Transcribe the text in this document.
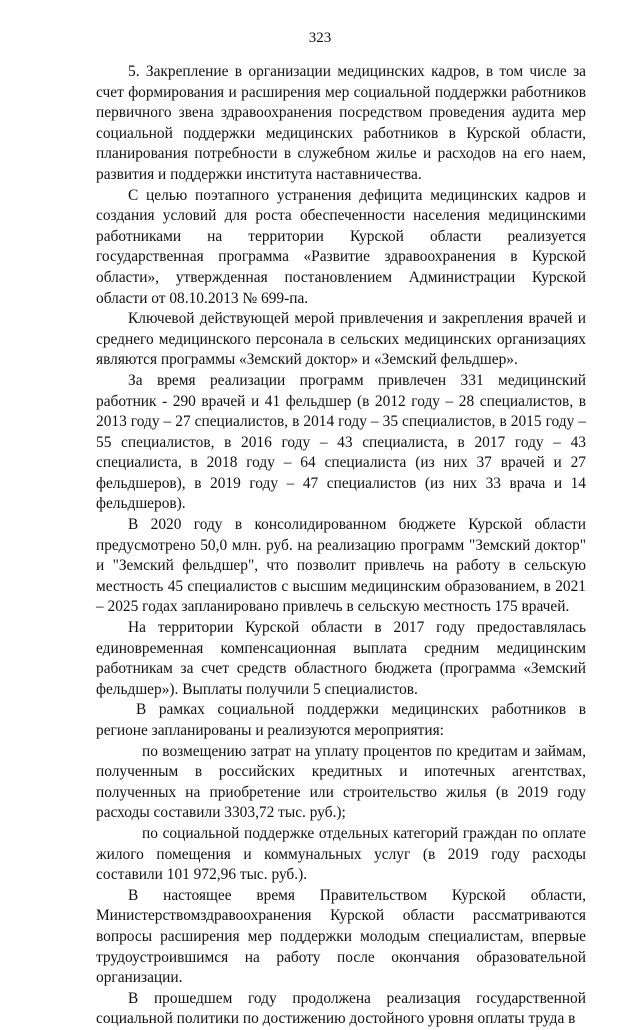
323

5. Закрепление в организации медицинских кадров, в том числе за счет формирования и расширения мер социальной поддержки работников первичного звена здравоохранения посредством проведения аудита мер социальной поддержки медицинских работников в Курской области, планирования потребности в служебном жилье и расходов на его наем, развития и поддержки института наставничества.

С целью поэтапного устранения дефицита медицинских кадров и создания условий для роста обеспеченности населения медицинскими работниками на территории Курской области реализуется государственная программа «Развитие здравоохранения в Курской области», утвержденная постановлением Администрации Курской области от 08.10.2013 № 699-па.

Ключевой действующей мерой привлечения и закрепления врачей и среднего медицинского персонала в сельских медицинских организациях являются программы «Земский доктор» и «Земский фельдшер».

За время реализации программ привлечен 331 медицинский работник - 290 врачей и 41 фельдшер (в 2012 году – 28 специалистов, в 2013 году – 27 специалистов, в 2014 году – 35 специалистов, в 2015 году –55 специалистов, в 2016 году – 43 специалиста, в 2017 году – 43 специалиста, в 2018 году – 64 специалиста (из них 37 врачей и 27 фельдшеров), в 2019 году – 47 специалистов (из них 33 врача и 14 фельдшеров).

В 2020 году в консолидированном бюджете Курской области предусмотрено 50,0 млн. руб. на реализацию программ "Земский доктор" и "Земский фельдшер", что позволит привлечь на работу в сельскую местность 45 специалистов с высшим медицинским образованием, в 2021 – 2025 годах запланировано привлечь в сельскую местность 175 врачей.

На территории Курской области в 2017 году предоставлялась единовременная компенсационная выплата средним медицинским работникам за счет средств областного бюджета (программа «Земский фельдшер»). Выплаты получили 5 специалистов.

В рамках социальной поддержки медицинских работников в регионе запланированы и реализуются мероприятия:

по возмещению затрат на уплату процентов по кредитам и займам, полученным в российских кредитных и ипотечных агентствах, полученных на приобретение или строительство жилья (в 2019 году расходы составили 3303,72 тыс. руб.);

по социальной поддержке отдельных категорий граждан по оплате жилого помещения и коммунальных услуг (в 2019 году расходы составили 101 972,96 тыс. руб.).

В настоящее время Правительством Курской области, Министерствомздравоохранения Курской области рассматриваются вопросы расширения мер поддержки молодым специалистам, впервые трудоустроившимся на работу после окончания образовательной организации.

В прошедшем году продолжена реализация государственной социальной политики по достижению достойного уровня оплаты труда в
